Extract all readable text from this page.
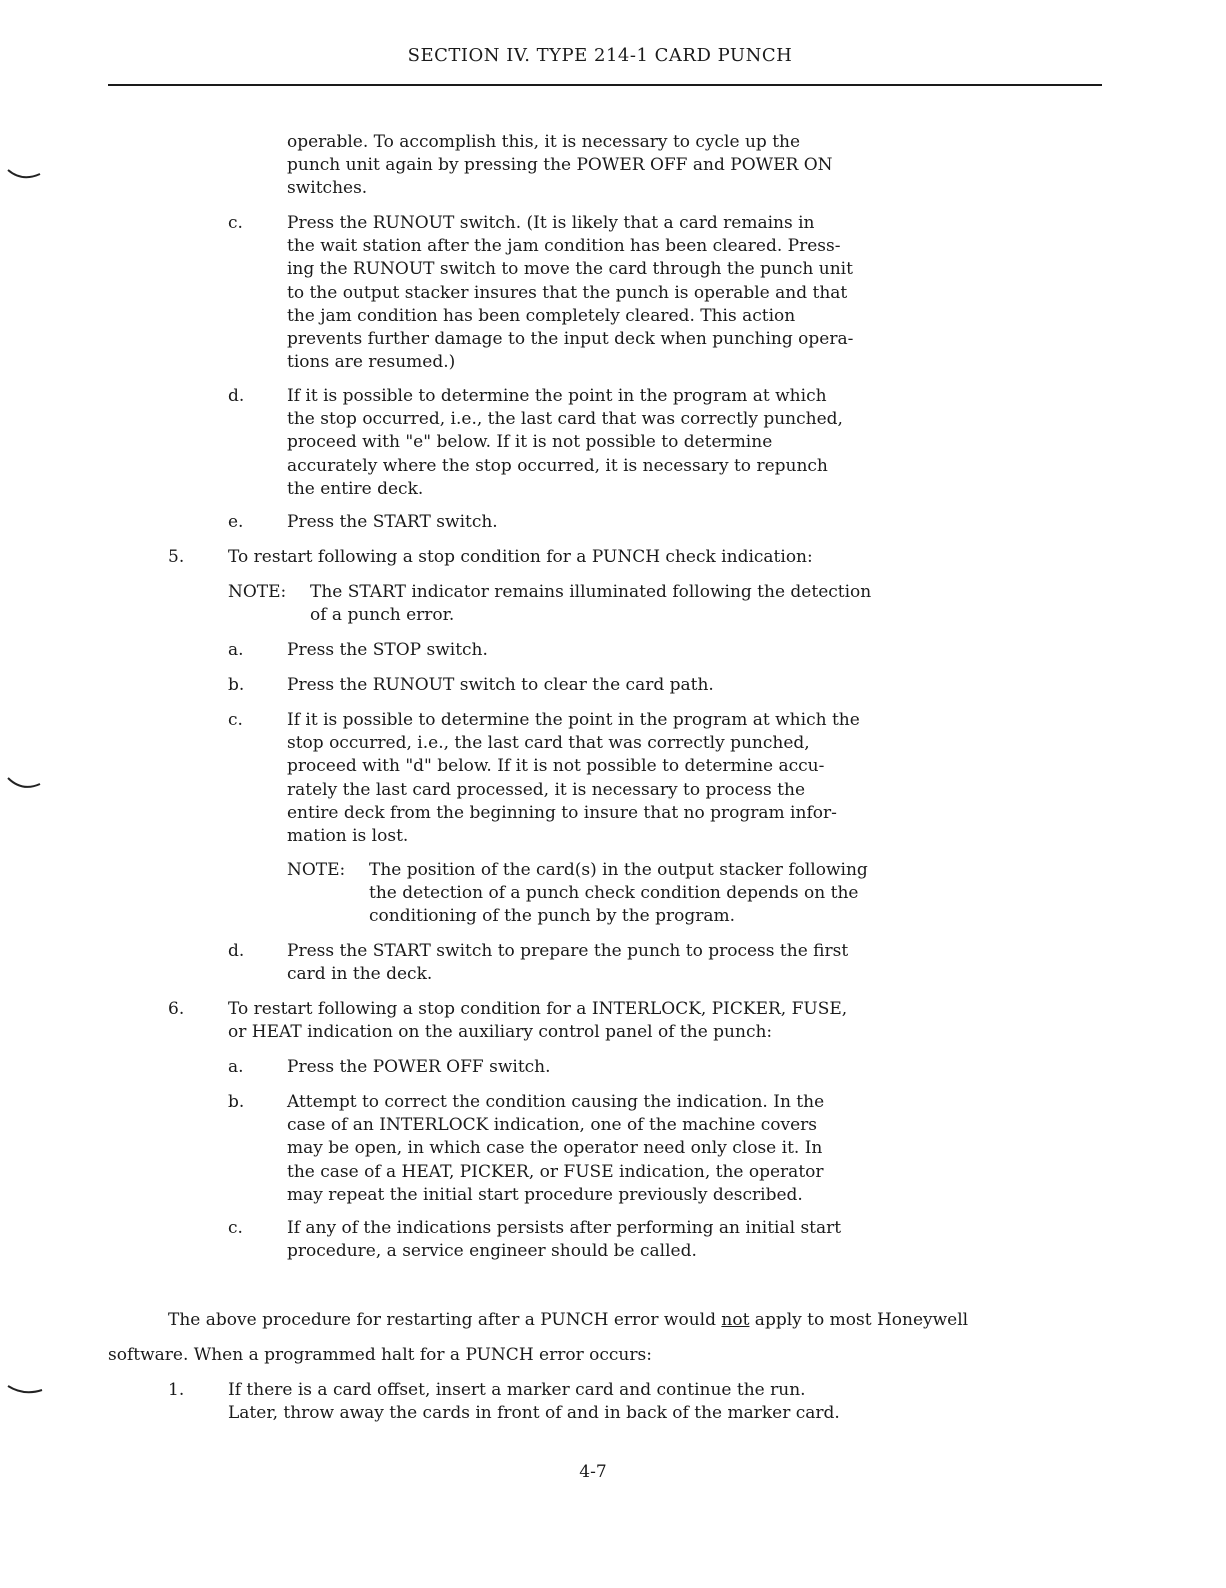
SECTION IV. TYPE 214-1 CARD PUNCH
operable. To accomplish this, it is necessary to cycle up the
punch unit again by pressing the POWER OFF and POWER ON
switches.
c.	Press the RUNOUT switch. (It is likely that a card remains in
the wait station after the jam condition has been cleared. Press-
ing the RUNOUT switch to move the card through the punch unit
to the output stacker insures that the punch is operable and that
the jam condition has been completely cleared. This action
prevents further damage to the input deck when punching opera-
tions are resumed.)
d.	If it is possible to determine the point in the program at which
the stop occurred, i.e., the last card that was correctly punched,
proceed with "e" below. If it is not possible to determine
accurately where the stop occurred, it is necessary to repunch
the entire deck.
e.	Press the START switch.
5.	To restart following a stop condition for a PUNCH check indication:
NOTE: The START indicator remains illuminated following the detection
of a punch error.
a.	Press the STOP switch.
b.	Press the RUNOUT switch to clear the card path.
c.	If it is possible to determine the point in the program at which the
stop occurred, i.e., the last card that was correctly punched,
proceed with "d" below. If it is not possible to determine accu-
rately the last card processed, it is necessary to process the
entire deck from the beginning to insure that no program infor-
mation is lost.
NOTE: The position of the card(s) in the output stacker following
the detection of a punch check condition depends on the
conditioning of the punch by the program.
d.	Press the START switch to prepare the punch to process the first
card in the deck.
6.	To restart following a stop condition for a INTERLOCK, PICKER, FUSE,
or HEAT indication on the auxiliary control panel of the punch:
a.	Press the POWER OFF switch.
b.	Attempt to correct the condition causing the indication. In the
case of an INTERLOCK indication, one of the machine covers
may be open, in which case the operator need only close it. In
the case of a HEAT, PICKER, or FUSE indication, the operator
may repeat the initial start procedure previously described.
c.	If any of the indications persists after performing an initial start
procedure, a service engineer should be called.
The above procedure for restarting after a PUNCH error would not apply to most Honeywell
software. When a programmed halt for a PUNCH error occurs:
1.	If there is a card offset, insert a marker card and continue the run.
Later, throw away the cards in front of and in back of the marker card.
4-7
